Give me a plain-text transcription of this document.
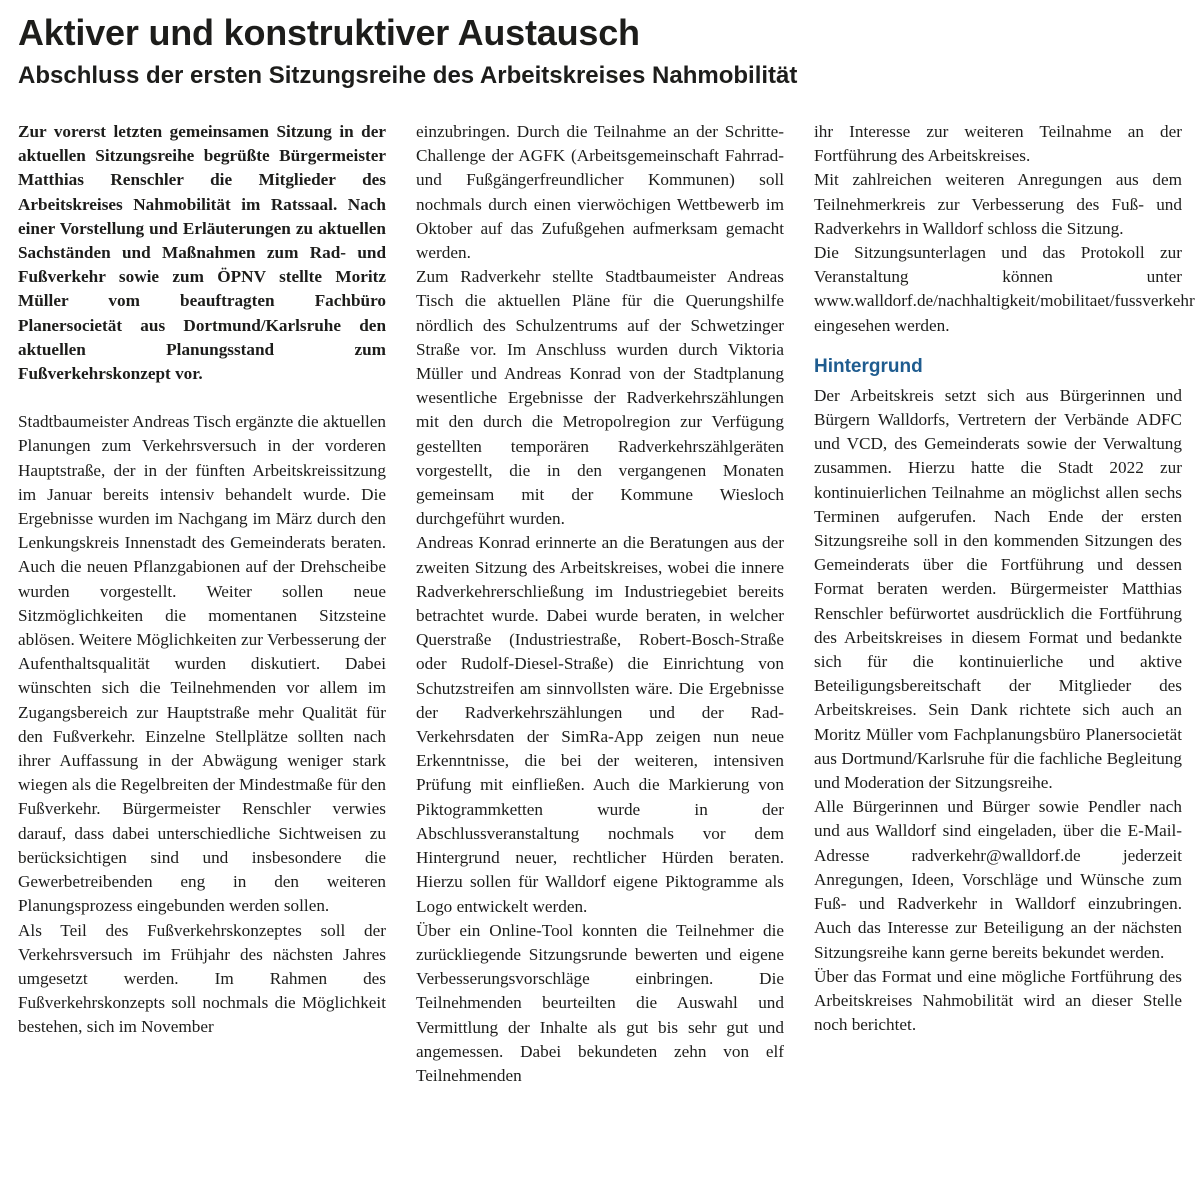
Aktiver und konstruktiver Austausch
Abschluss der ersten Sitzungsreihe des Arbeitskreises Nahmobilität

Zur vorerst letzten gemeinsamen Sitzung in der aktuellen Sitzungsreihe begrüßte Bürgermeister Matthias Renschler die Mitglieder des Arbeitskreises Nahmobilität im Ratssaal. Nach einer Vorstellung und Erläuterungen zu aktuellen Sachständen und Maßnahmen zum Rad- und Fußverkehr sowie zum ÖPNV stellte Moritz Müller vom beauftragten Fachbüro Planersocietät aus Dortmund/Karlsruhe den aktuellen Planungsstand zum Fußverkehrskonzept vor.

Stadtbaumeister Andreas Tisch ergänzte die aktuellen Planungen zum Verkehrsversuch in der vorderen Hauptstraße, der in der fünften Arbeitskreissitzung im Januar bereits intensiv behandelt wurde. Die Ergebnisse wurden im Nachgang im März durch den Lenkungskreis Innenstadt des Gemeinderats beraten. Auch die neuen Pflanzgabionen auf der Drehscheibe wurden vorgestellt. Weiter sollen neue Sitzmöglichkeiten die momentanen Sitzsteine ablösen. Weitere Möglichkeiten zur Verbesserung der Aufenthaltsqualität wurden diskutiert. Dabei wünschten sich die Teilnehmenden vor allem im Zugangsbereich zur Hauptstraße mehr Qualität für den Fußverkehr. Einzelne Stellplätze sollten nach ihrer Auffassung in der Abwägung weniger stark wiegen als die Regelbreiten der Mindestmaße für den Fußverkehr. Bürgermeister Renschler verwies darauf, dass dabei unterschiedliche Sichtweisen zu berücksichtigen sind und insbesondere die Gewerbetreibenden eng in den weiteren Planungsprozess eingebunden werden sollen.

Als Teil des Fußverkehrskonzeptes soll der Verkehrsversuch im Frühjahr des nächsten Jahres umgesetzt werden. Im Rahmen des Fußverkehrskonzepts soll nochmals die Möglichkeit bestehen, sich im November

einzubringen. Durch die Teilnahme an der Schritte-Challenge der AGFK (Arbeitsgemeinschaft Fahrrad- und Fußgängerfreundlicher Kommunen) soll nochmals durch einen vierwöchigen Wettbewerb im Oktober auf das Zufußgehen aufmerksam gemacht werden.

Zum Radverkehr stellte Stadtbaumeister Andreas Tisch die aktuellen Pläne für die Querungshilfe nördlich des Schulzentrums auf der Schwetzinger Straße vor. Im Anschluss wurden durch Viktoria Müller und Andreas Konrad von der Stadtplanung wesentliche Ergebnisse der Radverkehrszählungen mit den durch die Metropolregion zur Verfügung gestellten temporären Radverkehrszählgeräten vorgestellt, die in den vergangenen Monaten gemeinsam mit der Kommune Wiesloch durchgeführt wurden.

Andreas Konrad erinnerte an die Beratungen aus der zweiten Sitzung des Arbeitskreises, wobei die innere Radverkehrerschließung im Industriegebiet bereits betrachtet wurde. Dabei wurde beraten, in welcher Querstraße (Industriestraße, Robert-Bosch-Straße oder Rudolf-Diesel-Straße) die Einrichtung von Schutzstreifen am sinnvollsten wäre. Die Ergebnisse der Radverkehrszählungen und der Rad-Verkehrsdaten der SimRa-App zeigen nun neue Erkenntnisse, die bei der weiteren, intensiven Prüfung mit einfließen. Auch die Markierung von Piktogrammketten wurde in der Abschlussveranstaltung nochmals vor dem Hintergrund neuer, rechtlicher Hürden beraten. Hierzu sollen für Walldorf eigene Piktogramme als Logo entwickelt werden.

Über ein Online-Tool konnten die Teilnehmer die zurückliegende Sitzungsrunde bewerten und eigene Verbesserungsvorschläge einbringen. Die Teilnehmenden beurteilten die Auswahl und Vermittlung der Inhalte als gut bis sehr gut und angemessen. Dabei bekundeten zehn von elf Teilnehmenden

ihr Interesse zur weiteren Teilnahme an der Fortführung des Arbeitskreises.

Mit zahlreichen weiteren Anregungen aus dem Teilnehmerkreis zur Verbesserung des Fuß- und Radverkehrs in Walldorf schloss die Sitzung.

Die Sitzungsunterlagen und das Protokoll zur Veranstaltung können unter www.walldorf.de/nachhaltigkeit/mobilitaet/fussverkehr eingesehen werden.

Hintergrund

Der Arbeitskreis setzt sich aus Bürgerinnen und Bürgern Walldorfs, Vertretern der Verbände ADFC und VCD, des Gemeinderats sowie der Verwaltung zusammen. Hierzu hatte die Stadt 2022 zur kontinuierlichen Teilnahme an möglichst allen sechs Terminen aufgerufen. Nach Ende der ersten Sitzungsreihe soll in den kommenden Sitzungen des Gemeinderats über die Fortführung und dessen Format beraten werden. Bürgermeister Matthias Renschler befürwortet ausdrücklich die Fortführung des Arbeitskreises in diesem Format und bedankte sich für die kontinuierliche und aktive Beteiligungsbereitschaft der Mitglieder des Arbeitskreises. Sein Dank richtete sich auch an Moritz Müller vom Fachplanungsbüro Planersocietät aus Dortmund/Karlsruhe für die fachliche Begleitung und Moderation der Sitzungsreihe.

Alle Bürgerinnen und Bürger sowie Pendler nach und aus Walldorf sind eingeladen, über die E-Mail-Adresse radverkehr@walldorf.de jederzeit Anregungen, Ideen, Vorschläge und Wünsche zum Fuß- und Radverkehr in Walldorf einzubringen. Auch das Interesse zur Beteiligung an der nächsten Sitzungsreihe kann gerne bereits bekundet werden.

Über das Format und eine mögliche Fortführung des Arbeitskreises Nahmobilität wird an dieser Stelle noch berichtet.
